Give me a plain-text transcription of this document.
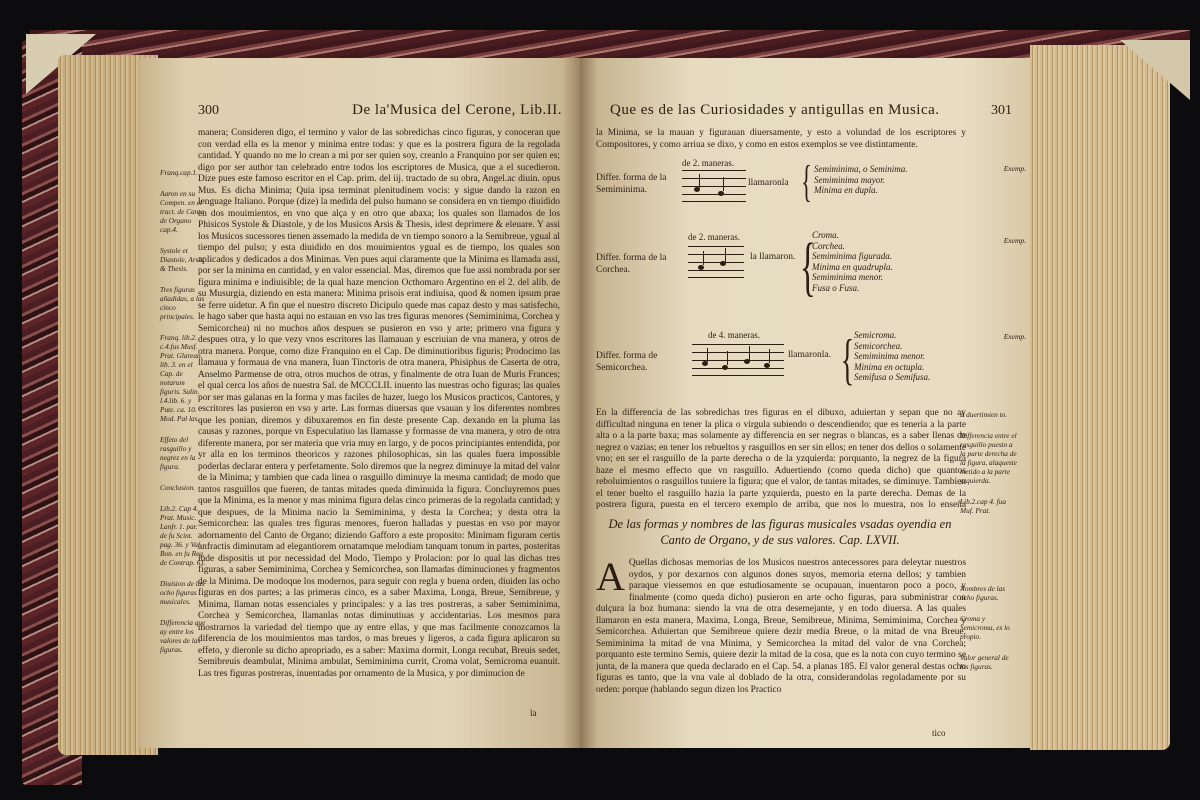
300	De la'Musica del Cerone, Lib.II.
Franq.cap.1.
Aaron en su Compen. en el tract. de Canto de Organo cap.4.
Systole et Diastole, Arsis & Thesis.
Tres figuras añadidas, a las cinco principales.
Franq. lib.2. c.4.fus Musf. Prat. Glarean. lib. 3. en el Cap. de notarum figuris. Salin. l.4.lib. 6. y Pute. ca. 10. Mod. Pal las.
Effeto del rasguillo y negrez en la figura.
Conclusion.
Lib.2. Cap 4. Prat. Music. Lanfr. 1. par. de fu Scint. pag. 36. y Val. Bon. en fu Reg. de Contrap. 61.
Diuision de las ocho figuras musicales.
Differencia que ay entre los valores de las figuras.
manera; Consideren digo, el termino y valor de las sobredichas cinco figuras, y conoceran que con verdad ella es la menor y minima entre todas: y que es la postrera figura de la regolada cantidad. Y quando no me lo crean a mi por ser quien soy, creanlo a Franquino por ser quien es; digo por ser author tan celebrado entre todos los escriptores de Musica, que a el sucedieron. Dize pues este famoso escritor en el Cap. prim. del iij. tractado de su obra, Angel.ac diuin. opus Mus. Es dicha Minima; Quia ipsa terminat plenitudinem vocis: y sigue dando la razon en lenguage Italiano. Porque (dize) la medida del pulso humano se considera en vn tiempo diuidido en dos mouimientos, en vno que alça y en otro que abaxa; los quales son llamados de los Phisicos Systole & Diastole, y de los Musicos Arsis & Thesis, idest deprimere & eleuare. Y assi los Musicos sucessores tienen assemado la medida de vn tiempo sonoro a la Semibreue, ygual al tiempo del pulso; y esta diuidido en dos mouimientos ygual es de tiempo, los quales son aplicados y dedicados a dos Minimas. Ven pues aqui claramente que la Minima es llamada assi, por ser la minima en cantidad, y en valor essencial. Mas, diremos que fue assi nombrada por ser figura minima e indiuisible; de la qual haze mencion Octhomaro Argentino en el 2. del alib. de su Musurgia, diziendo en esta manera: Minima prisois erat indiuisa, quod & nomen ipsum prae se ferre uidetur. A fin que el nuestro discreto Dicipulo quede mas capaz desto y mas satisfecho, le hago saber que hasta aqui no estauan en vso las tres figuras menores (Semiminima, Corchea y Semicorchea) ni no muchos años despues se pusieron en vso y arte; primero vna figura y despues otra, y lo que vezy vnos escritores las llamauan y escriuian de vna manera, y otros de otra manera. Porque, como dize Franquino en el Cap. De diminutioribus figuris; Prodocimo las llamaua y formaua de vna manera, Iuan Tinctoris de otra manera, Phisiphus de Caserta de otra, Anselmo Parmense de otra, otros muchos de otras, y finalmente de otra Iuan de Muris Frances; el qual cerca los años de nuestra Sal. de MCCCLII. inuento las nuestras ocho figuras; las quales por ser mas galanas en la forma y mas faciles de hazer, luego los Musicos practicos, Cantores, y escritores las pusieron en vso y arte. Las formas diuersas que vsauan y los diferentes nombres que les ponian, diremos y dibuxaremos en fin deste presente Cap. dexando en la pluma las causas y razones, porque vn Especulatiuo las llamasse y formasse de vna manera, y otro de otra diferente manera, por ser materia que vria muy en largo, y de pocos principiantes entendida, por yr alla en los terminos theoricos y razones philosophicas, sin las quales fuera impossible poderlas declarar entera y perfetamente. Solo diremos que la negrez diminuye la mitad del valor de la Minima; y tambien que cada linea o rasguillo diminuye la mesma cantidad; de modo que tantos rasguillos que fueren, de tantas mitades queda diminuida la figura. Concluyremos pues que la Minima, es la menor y mas minima figura delas cinco primeras de la regolada cantidad; y que despues, de la Minima nacio la Semiminima, y desta la Corchea; y desta otra la Semicorchea: las quales tres figuras menores, fueron halladas y puestas en vso por mayor adornamento del Canto de Organo; diziendo Gafforo a este proposito: Minimam figuram certis anfractis diminutam ad elegantiorem ornatamque melodiam tanquam tonum in partes, posteritas inde dispositis ut por necessidad del Modo, Tiempo y Prolacion: por lo qual las dichas tres figuras, a saber Semiminima, Corchea y Semicorchea, son llamadas diminuciones y fragmentos de la Minima. De modoque los modernos, para seguir con regla y buena orden, diuiden las ocho figuras en dos partes; a las primeras cinco, es a saber Maxima, Longa, Breue, Semibreue, y Minima, llaman notas essenciales y principales: y a las tres postreras, a saber Semiminima, Corchea y Semicorchea, llamanlas notas diminutiuas y accidentarias. Los mesmos para mostrarnos la variedad del tiempo que ay entre ellas, y que mas facilmente conozcamos la diferencia de los mouimientos mas tardos, o mas breues y ligeros, a cada figura aplicaron su effeto, y dieronle su dicho apropriado, es a saber: Maxima dormit, Longa recubat, Breuis sedet, Semibreuis deambulat, Minima ambulat, Semiminima currit, Croma volat, Semicroma euanuit. Las tres figuras postreras, inuentadas por ornamento de la Musica, y por diminucion de
la
Que es de las Curiosidades y antigullas en Musica.	301
la Minima, se la mauan y figurauan diuersamente, y esto a volundad de los escriptores y Compositores, y como arriua se dixo, y como en estos exemplos se vee distintamente.
Differ. forma de la Semiminima.
de 2. maneras.
llamaronla { Semiminima, o Seminima.
Semiminima mayor.
Minima en dupla.
Exemp.
Differ. forma de la Corchea.
de 2. maneras.
la llamaron. {
Croma.
Corchea.
Semiminima figurada.
Minima en quadrupla.
Semiminima menor.
Fusa o Fusa.
Exemp.
Differ. forma de Semicorchea.
de 4. maneras.
llamaronla. { Semicroma.
Semicorchea.
Semiminima menor.
Minima en octupla.
Semifusa o Semifusa.
Exemp.
En la differencia de las sobredichas tres figuras en el dibuxo, aduiertan y sepan que no ay difficultad ninguna en tener la plica o virgula subiendo o descendiendo; que es teneria a la parte alta o a la parte baxa; mas solamente ay differencia en ser negras o blancas, es a saber llenas de negrez o vazias; en tener los rebueltos y rasguillos en ser sin ellos; en tener dos dellos o solamente vno; en ser el rasguillo de la parte derecha o de la yzquierda: porquanto, la negrez de la figura haze el mesmo effecto que vn rasguillo. Aduertiendo (como queda dicho) que quantos reboluimientos o rasguillos tuuiere la figura; que el valor, de tantas mitades, se diminuye. Tambien el tener buelto el rasguillo hazia la parte yzquierda, puesto en la parte derecha. Demas de la postrera figura, puesta en el tercero exemplo de arriba, que nos lo muestra, nos lo enseña
A duertimien to.
Differencia entre el rasguillo puesto a la parte derecha de la figura, alaqueste metido a la parte yzquierda.
Lib.2.cap 4. fua Muf. Prat.
De las formas y nombres de las figuras musicales vsadas oyendia en Canto de Organo, y de sus valores. Cap. LXVII.
A Quellas dichosas memorias de los Musicos nuestros antecessores para deleytar nuestros oydos, y por dexarnos con algunos dones suyos, memoria eterna dellos; y tambien paraque viessemos en que estudiosamente se ocupauan, inuentaron poco a poco, y finalmente (como queda dicho) pusieron en arte ocho figuras, para subministrar con dulçura la boz humana: siendo la vna de otra desemejante, y en todo diuersa. A las quales llamaron en esta manera, Maxima, Longa, Breue, Semibreue, Minima, Semiminima, Corchea y Semicorchea. Aduiertan que Semibreue quiere dezir media Breue, o la mitad de vna Breue, Semiminima la mitad de vna Minima, y Semicorchea la mitad del valor de vna Corchea; porquanto este termino Semis, quiere dezir la mitad de la cosa, que es la nota con cuyo termino se junta, de la manera que queda declarado en el Cap. 54. a planas 185. El valor general destas ocho figuras es tanto, que la vna vale al doblado de la otra, considerandolas regoladamente por su orden: porque (hablando segun dizen los Practico
Nombres de las ocho figuras.
Croma y Semicroma, es lo propio.
Valor general de las figuras.
tico
